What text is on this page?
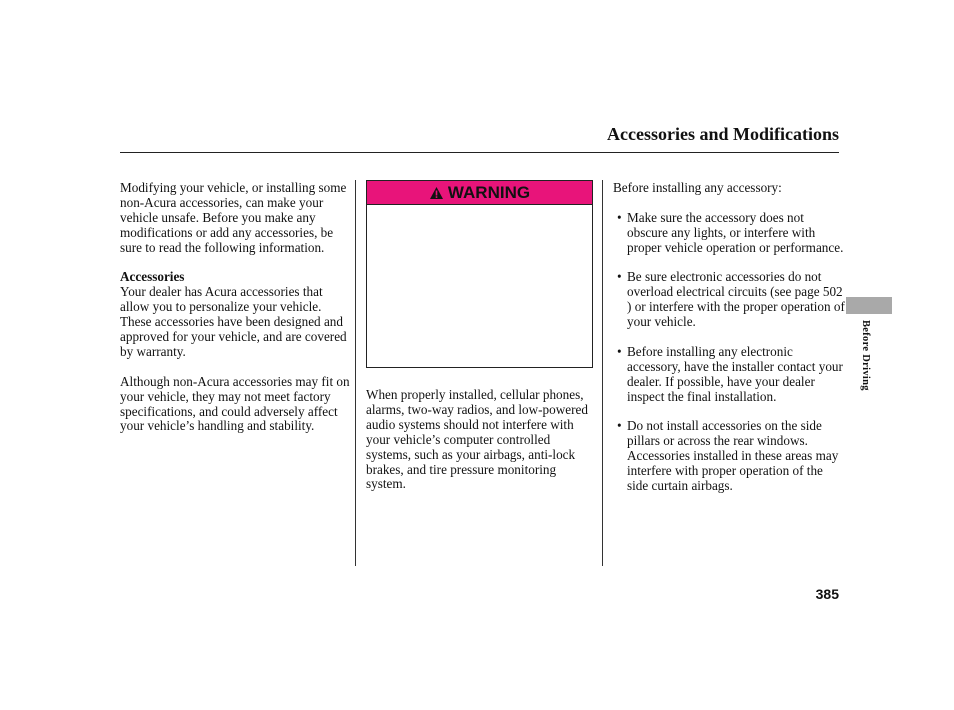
Accessories and Modifications

Modifying your vehicle, or installing some non-Acura accessories, can make your vehicle unsafe. Before you make any modifications or add any accessories, be sure to read the following information.

Accessories

Your dealer has Acura accessories that allow you to personalize your vehicle. These accessories have been designed and approved for your vehicle, and are covered by warranty.

Although non-Acura accessories may fit on your vehicle, they may not meet factory specifications, and could adversely affect your vehicle’s handling and stability.

WARNING

When properly installed, cellular phones, alarms, two-way radios, and low-powered audio systems should not interfere with your vehicle’s computer controlled systems, such as your airbags, anti-lock brakes, and tire pressure monitoring system.

Before installing any accessory:

• Make sure the accessory does not obscure any lights, or interfere with proper vehicle operation or performance.
• Be sure electronic accessories do not overload electrical circuits (see page 502 ) or interfere with the proper operation of your vehicle.
• Before installing any electronic accessory, have the installer contact your dealer. If possible, have your dealer inspect the final installation.
• Do not install accessories on the side pillars or across the rear windows. Accessories installed in these areas may interfere with proper operation of the side curtain airbags.
Before Driving
385
